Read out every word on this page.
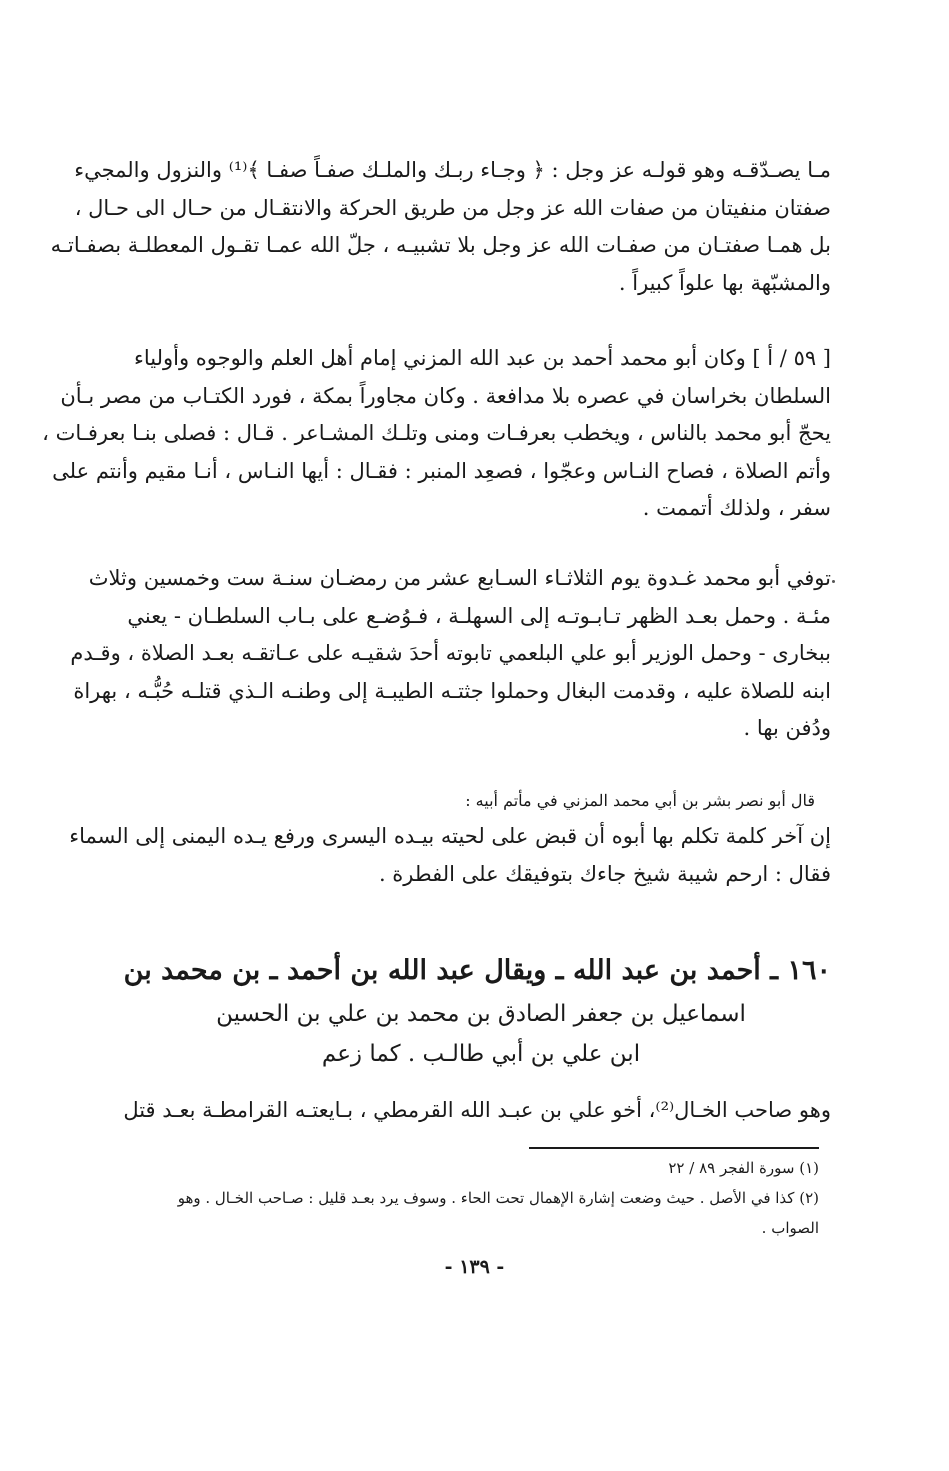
مـا يصـدّقـه وهو قولـه عز وجل : ﴿ وجـاء ربـك والملـك صفـاً صفـا ﴾⁽¹⁾ والنزول والمجيء
صفتان منفيتان من صفات الله عز وجل من طريق الحركة والانتقـال من حـال الى حـال ،
بل همـا صفتـان من صفـات الله عز وجل بلا تشبيـه ، جلّ الله عمـا تقـول المعطلـة بصفـاتـه
والمشبّهة بها علواً كبيراً .
[ ٥٩ / أ ] وكان أبو محمد أحمد بن عبد الله المزني إمام أهل العلم والوجوه وأولياء
السلطان بخراسان في عصره بلا مدافعة . وكان مجاوراً بمكة ، فورد الكتـاب من مصر بـأن
يحجّ أبو محمد بالناس ، ويخطب بعرفـات ومنى وتلـك المشـاعر . قـال : فصلى بنـا بعرفـات ،
وأتم الصلاة ، فصاح النـاس وعجّوا ، فصعِد المنبر : فقـال : أيها النـاس ، أنـا مقيم وأنتم على
سفر ، ولذلك أتممت .
توفي أبو محمد غـدوة يوم الثلاثـاء السـابع عشر من رمضـان سنـة ست وخمسين وثلاث
مئـة . وحمل بعـد الظهر تـابـوتـه إلى السهلـة ، فـوُضـع على بـاب السلطـان - يعني
ببخارى - وحمل الوزير أبو علي البلعمي تابوته أحدَ شقيـه على عـاتقـه بعـد الصلاة ، وقـدم
ابنه للصلاة عليه ، وقدمت البغال وحملوا جثتـه الطيبـة إلى وطنـه الـذي قتلـه حُبُّـه ، بهراة
ودُفن بها .
قال أبو نصر بشر بن أبي محمد المزني في مأتم أبيه :
إن آخر كلمة تكلم بها أبوه أن قبض على لحيته بيـده اليسرى ورفع يـده اليمنى إلى السماء
فقال : ارحم شيبة شيخ جاءك بتوفيقك على الفطرة .
١٦٠ ـ أحمد بن عبد الله ـ ويقال عبد الله بن أحمد ـ بن محمد بن
اسماعيل بن جعفر الصادق بن محمد بن علي بن الحسين
ابن علي بن أبي طالـب . كما زعم
وهو صاحب الخـال⁽²⁾، أخو علي بن عبـد الله القرمطي ، بـايعتـه القرامطـة بعـد قتل
(١) سورة الفجر ٨٩ / ٢٢
(٢) كذا في الأصل . حيث وضعت إشارة الإهمال تحت الحاء . وسوف يرد بعـد قليل : صـاحب الخـال . وهو
الصواب .
- ١٣٩ -
